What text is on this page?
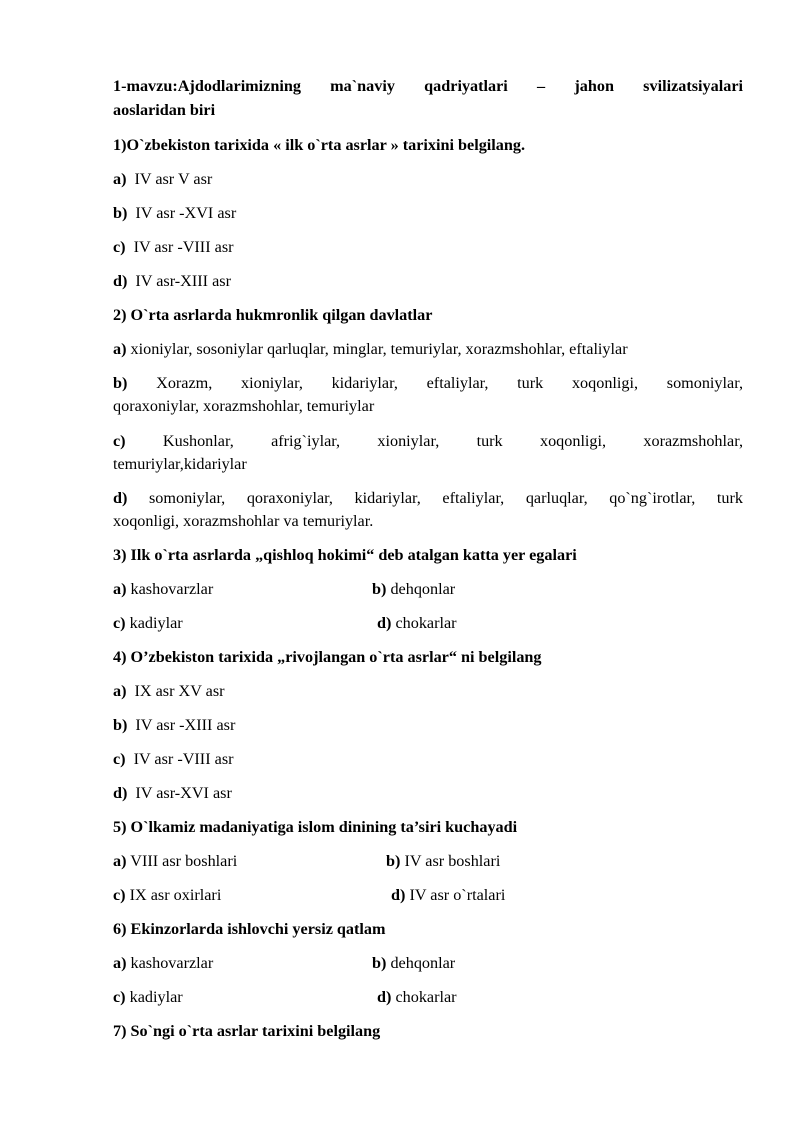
1-mavzu:Ajdodlarimizning ma`naviy qadriyatlari – jahon svilizatsiyalari
aoslaridan biri
1)O`zbekiston tarixida « ilk o`rta asrlar » tarixini belgilang.
a) IV asr V asr
b) IV asr -XVI asr
c) IV asr -VIII asr
d) IV asr-XIII asr
2) O`rta asrlarda hukmronlik qilgan davlatlar
a) xioniylar, sosoniylar qarluqlar, minglar, temuriylar, xorazmshohlar, eftaliylar
b) Xorazm, xioniylar, kidariylar, eftaliylar, turk xoqonligi, somoniylar,
qoraxoniylar, xorazmshohlar, temuriylar
c) Kushonlar, afrig`iylar, xioniylar, turk xoqonligi, xorazmshohlar,
temuriylar,kidariylar
d) somoniylar, qoraxoniylar, kidariylar, eftaliylar, qarluqlar, qo`ng`irotlar, turk
xoqonligi, xorazmshohlar va temuriylar.
3) Ilk o`rta asrlarda „qishloq hokimi“ deb atalgan katta yer egalari
a) kashovarzlar	b) dehqonlar
c) kadiylar	d) chokarlar
4) O’zbekiston tarixida „rivojlangan o`rta asrlar“ ni belgilang
a) IX asr XV asr
b) IV asr -XIII asr
c) IV asr -VIII asr
d) IV asr-XVI asr
5) O`lkamiz madaniyatiga islom dinining ta’siri kuchayadi
a) VIII asr boshlari	b) IV asr boshlari
c) IX asr oxirlari	d) IV asr o`rtalari
6) Ekinzorlarda ishlovchi yersiz qatlam
a) kashovarzlar	b) dehqonlar
c) kadiylar	d) chokarlar
7) So`ngi o`rta asrlar tarixini belgilang
